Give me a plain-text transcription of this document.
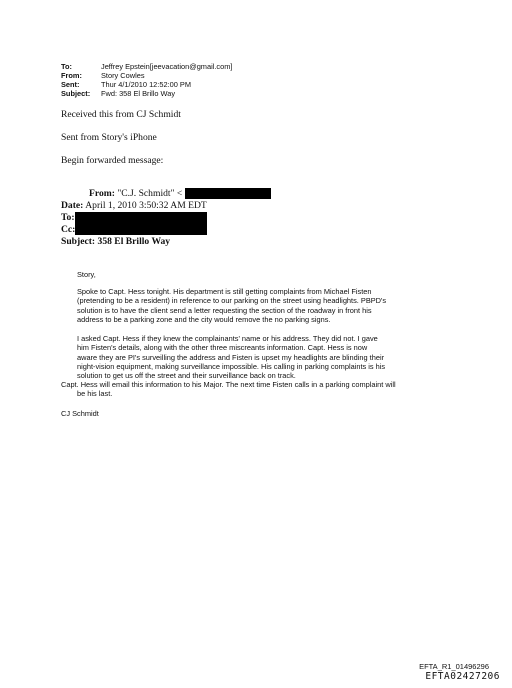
To:	Jeffrey Epstein[jeevacation@gmail.com]
From:	Story Cowles
Sent:	Thur 4/1/2010 12:52:00 PM
Subject: Fwd: 358 El Brillo Way
Received this from CJ Schmidt
Sent from Story's iPhone
Begin forwarded message:
From: "C.J. Schmidt" <
Date: April 1, 2010 3:50:32 AM EDT
To:
Cc:
Subject: 358 El Brillo Way
Story,
Spoke to Capt. Hess tonight. His department is still getting complaints from Michael Fisten
(pretending to be a resident) in reference to our parking on the street using headlights. PBPD's
solution is to have the client send a letter requesting the section of the roadway in front his
address to be a parking zone and the city would remove the no parking signs.
I asked Capt. Hess if they knew the complainants' name or his address. They did not. I gave
him Fisten's details, along with the other three miscreants information. Capt. Hess is now
aware they are PI's surveilling the address and Fisten is upset my headlights are blinding their
night-vision equipment, making surveillance impossible. His calling in parking complaints is his
solution to get us off the street and their surveillance back on track.
Capt. Hess will email this information to his Major. The next time Fisten calls in a parking complaint will
be his last.
CJ Schmidt
EFTA_R1_01496296
EFTA02427206
